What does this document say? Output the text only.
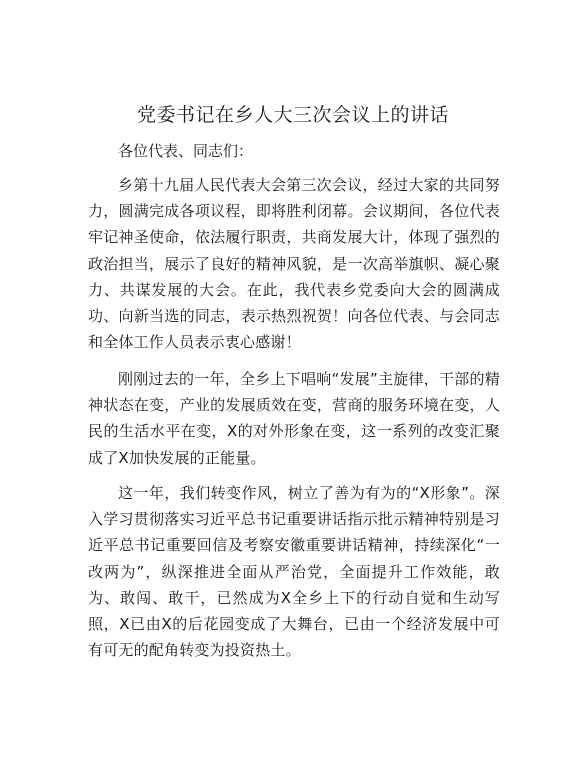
党委书记在乡人大三次会议上的讲话

各位代表、同志们：

乡第十九届人民代表大会第三次会议，经过大家的共同努力，圆满完成各项议程，即将胜利闭幕。会议期间，各位代表牢记神圣使命，依法履行职责，共商发展大计，体现了强烈的政治担当，展示了良好的精神风貌，是一次高举旗帜、凝心聚力、共谋发展的大会。在此，我代表乡党委向大会的圆满成功、向新当选的同志，表示热烈祝贺！向各位代表、与会同志和全体工作人员表示衷心感谢！

刚刚过去的一年，全乡上下唱响“发展”主旋律，干部的精神状态在变，产业的发展质效在变，营商的服务环境在变，人民的生活水平在变，X的对外形象在变，这一系列的改变汇聚成了X加快发展的正能量。

这一年，我们转变作风，树立了善为有为的“X形象”。深入学习贯彻落实习近平总书记重要讲话指示批示精神特别是习近平总书记重要回信及考察安徽重要讲话精神，持续深化“一改两为”，纵深推进全面从严治党，全面提升工作效能，敢为、敢闯、敢干，已然成为X全乡上下的行动自觉和生动写照，X已由X的后花园变成了大舞台，已由一个经济发展中可有可无的配角转变为投资热土。
